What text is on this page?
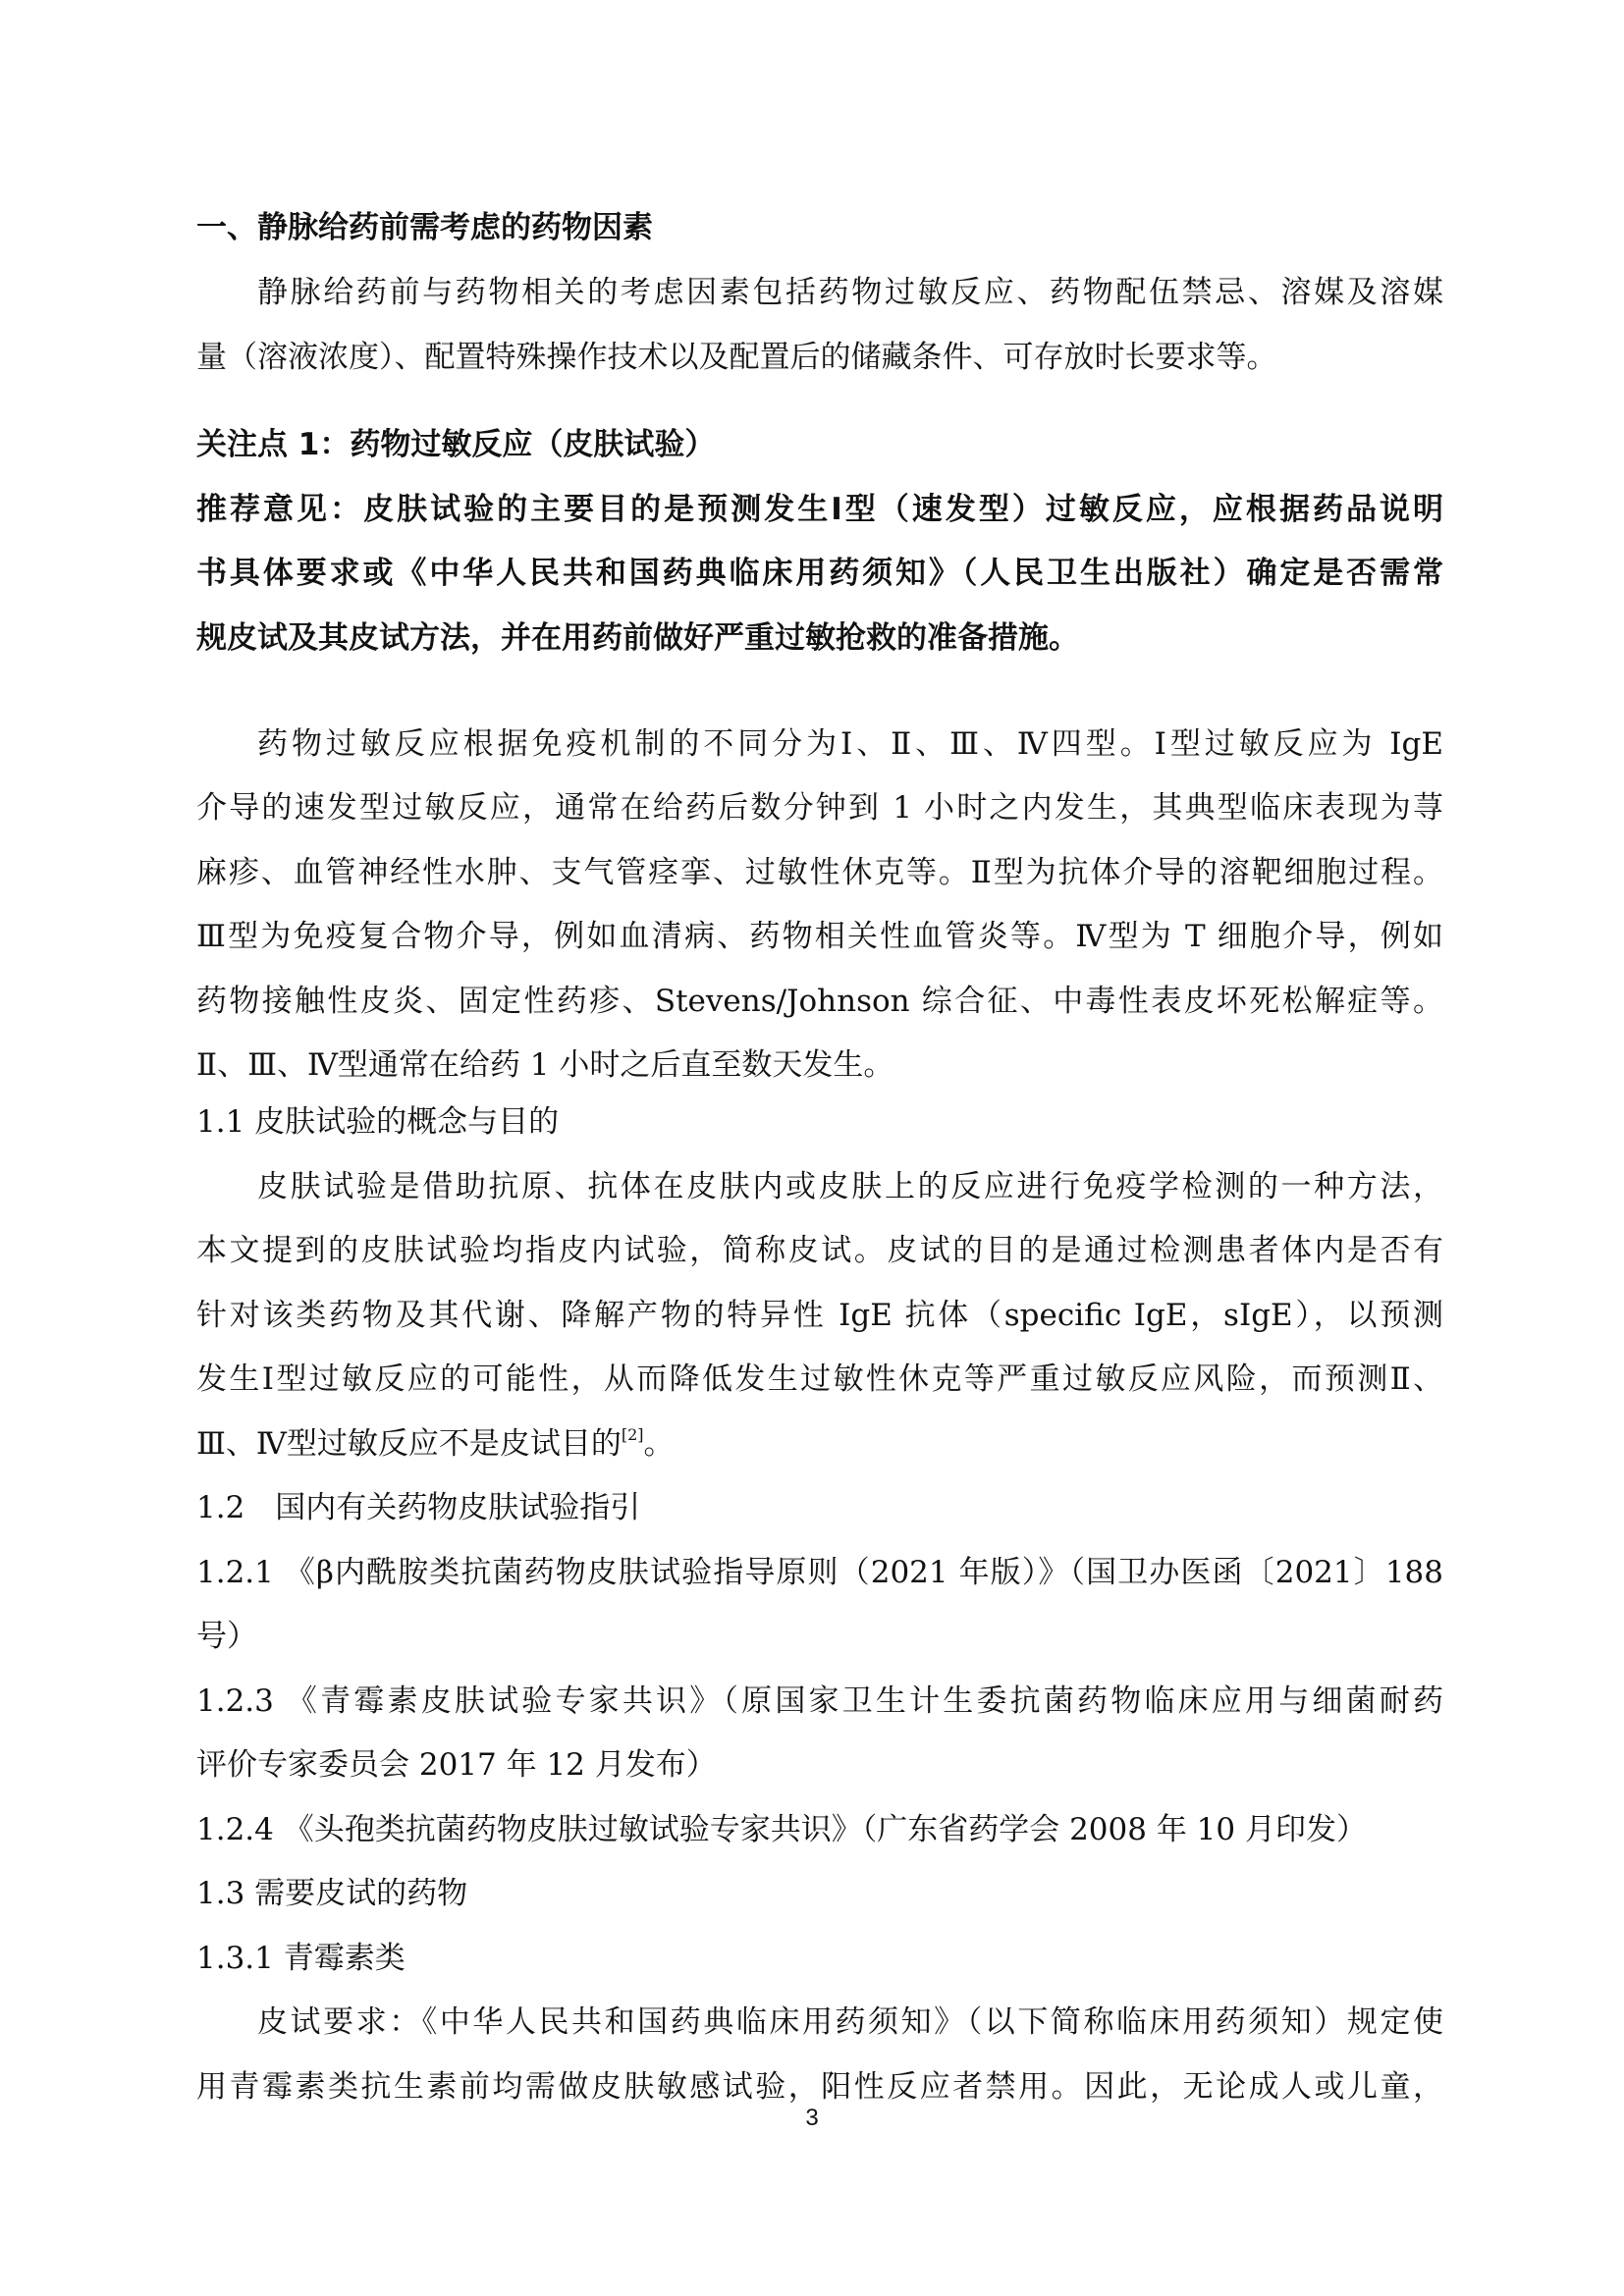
一、静脉给药前需考虑的药物因素
静脉给药前与药物相关的考虑因素包括药物过敏反应、药物配伍禁忌、溶媒及溶媒
量（溶液浓度）、配置特殊操作技术以及配置后的储藏条件、可存放时长要求等。
关注点 1：药物过敏反应（皮肤试验）
推荐意见：皮肤试验的主要目的是预测发生Ⅰ型（速发型）过敏反应，应根据药品说明
书具体要求或《中华人民共和国药典临床用药须知》（人民卫生出版社）确定是否需常
规皮试及其皮试方法，并在用药前做好严重过敏抢救的准备措施。
药物过敏反应根据免疫机制的不同分为Ⅰ、Ⅱ、Ⅲ、Ⅳ四型。Ⅰ型过敏反应为 IgE
介导的速发型过敏反应，通常在给药后数分钟到 1 小时之内发生，其典型临床表现为荨
麻疹、血管神经性水肿、支气管痉挛、过敏性休克等。Ⅱ型为抗体介导的溶靶细胞过程。
Ⅲ型为免疫复合物介导，例如血清病、药物相关性血管炎等。Ⅳ型为 T 细胞介导，例如
药物接触性皮炎、固定性药疹、Stevens/Johnson 综合征、中毒性表皮坏死松解症等。
Ⅱ、Ⅲ、Ⅳ型通常在给药 1 小时之后直至数天发生。
1.1 皮肤试验的概念与目的
皮肤试验是借助抗原、抗体在皮肤内或皮肤上的反应进行免疫学检测的一种方法，
本文提到的皮肤试验均指皮内试验，简称皮试。皮试的目的是通过检测患者体内是否有
针对该类药物及其代谢、降解产物的特异性 IgE 抗体（specific IgE，sIgE），以预测
发生Ⅰ型过敏反应的可能性，从而降低发生过敏性休克等严重过敏反应风险，而预测Ⅱ、
Ⅲ、Ⅳ型过敏反应不是皮试目的[2]。
1.2　国内有关药物皮肤试验指引
1.2.1 《β内酰胺类抗菌药物皮肤试验指导原则（2021 年版）》（国卫办医函〔2021〕188
号）
1.2.3 《青霉素皮肤试验专家共识》（原国家卫生计生委抗菌药物临床应用与细菌耐药
评价专家委员会 2017 年 12 月发布）
1.2.4 《头孢类抗菌药物皮肤过敏试验专家共识》（广东省药学会 2008 年 10 月印发）
1.3 需要皮试的药物
1.3.1 青霉素类
皮试要求：《中华人民共和国药典临床用药须知》（以下简称临床用药须知）规定使
用青霉素类抗生素前均需做皮肤敏感试验，阳性反应者禁用。因此，无论成人或儿童，
3
